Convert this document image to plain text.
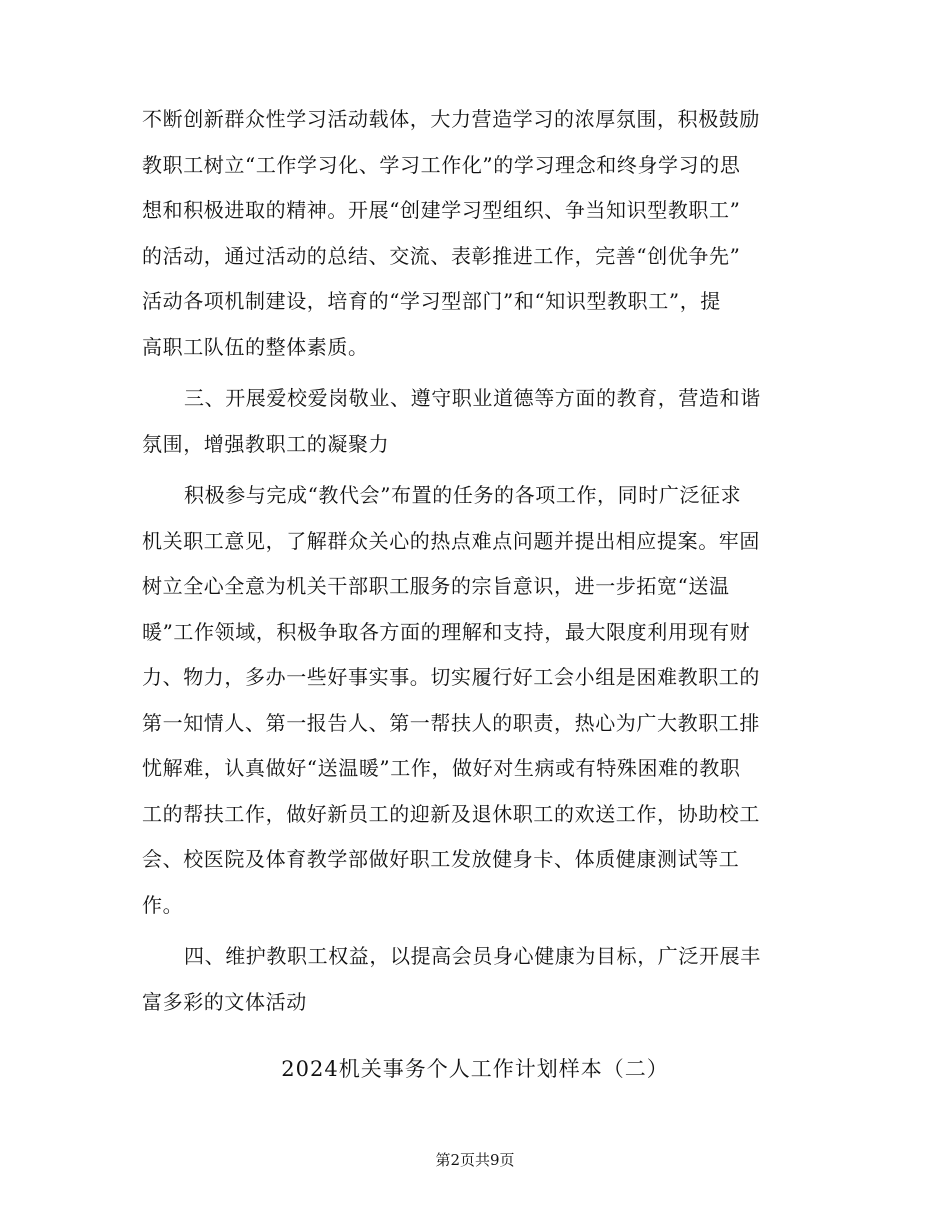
不断创新群众性学习活动载体，大力营造学习的浓厚氛围，积极鼓励
教职工树立“工作学习化、学习工作化”的学习理念和终身学习的思
想和积极进取的精神。开展“创建学习型组织、争当知识型教职工”
的活动，通过活动的总结、交流、表彰推进工作，完善“创优争先”
活动各项机制建设，培育的“学习型部门”和“知识型教职工”，提
高职工队伍的整体素质。
三、开展爱校爱岗敬业、遵守职业道德等方面的教育，营造和谐
氛围，增强教职工的凝聚力
积极参与完成“教代会”布置的任务的各项工作，同时广泛征求
机关职工意见，了解群众关心的热点难点问题并提出相应提案。牢固
树立全心全意为机关干部职工服务的宗旨意识，进一步拓宽“送温
暖”工作领域，积极争取各方面的理解和支持，最大限度利用现有财
力、物力，多办一些好事实事。切实履行好工会小组是困难教职工的
第一知情人、第一报告人、第一帮扶人的职责，热心为广大教职工排
忧解难，认真做好“送温暖”工作，做好对生病或有特殊困难的教职
工的帮扶工作，做好新员工的迎新及退休职工的欢送工作，协助校工
会、校医院及体育教学部做好职工发放健身卡、体质健康测试等工
作。
四、维护教职工权益，以提高会员身心健康为目标，广泛开展丰
富多彩的文体活动
2024机关事务个人工作计划样本（二）
第2页共9页
